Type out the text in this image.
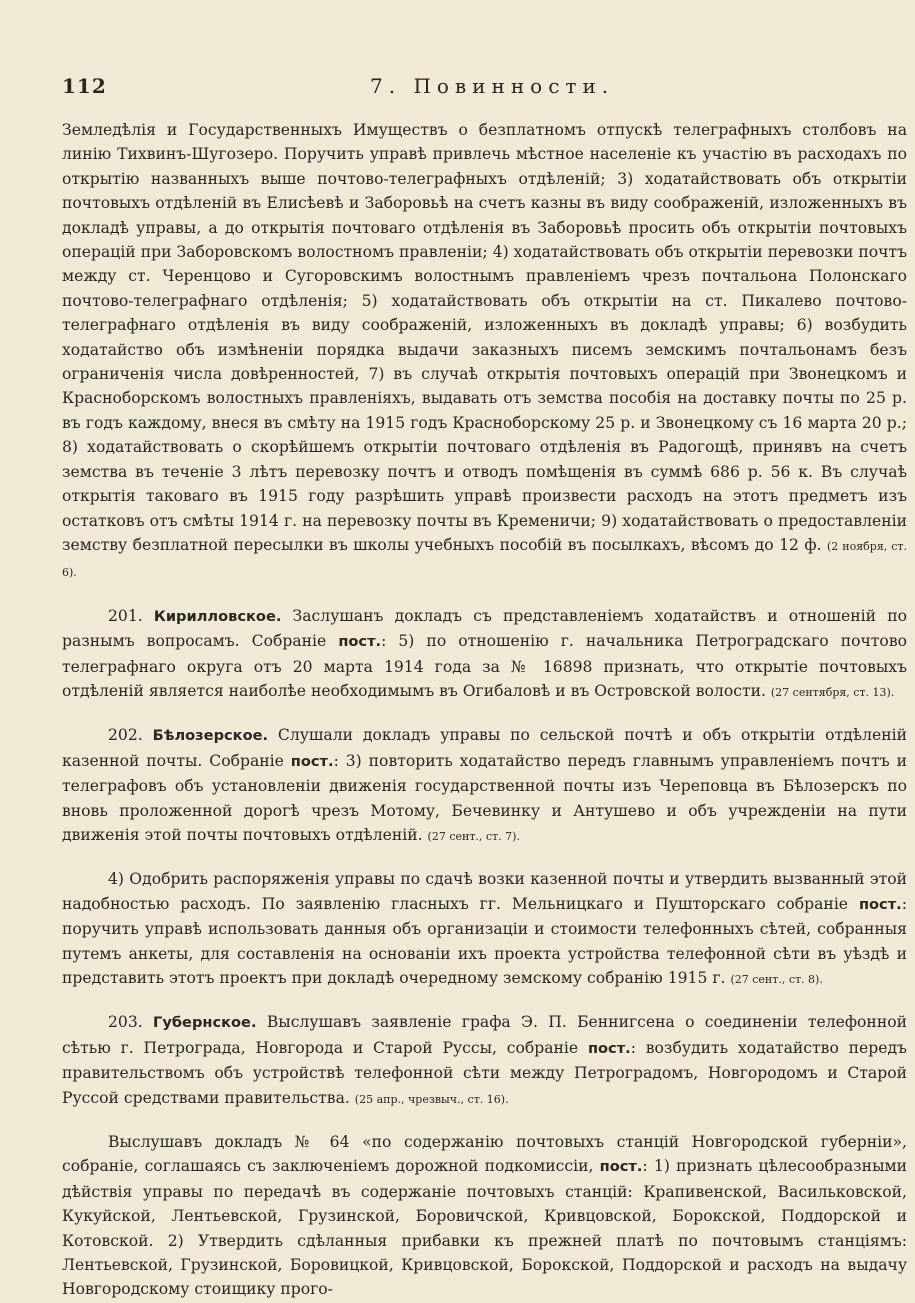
112	7. Повинности.

Земледѣлія и Государственныхъ Имуществъ о безплатномъ отпускѣ телеграфныхъ столбовъ на линію Тихвинъ-Шугозеро. Поручить управѣ привлечь мѣстное населеніе къ участію въ расходахъ по открытію названныхъ выше почтово-телеграфныхъ отдѣленій; 3) ходатайствовать объ открытіи почтовыхъ отдѣленій въ Елисѣевѣ и Заборовьѣ на счетъ казны въ виду соображеній, изложенныхъ въ докладѣ управы, а до открытія почтоваго отдѣленія въ Заборовьѣ просить объ открытіи почтовыхъ операцій при Заборовскомъ волостномъ правленіи; 4) ходатайствовать объ открытіи перевозки почтъ между ст. Черенцово и Сугоровскимъ волостнымъ правленіемъ чрезъ почтальона Полонскаго почтово-телеграфнаго отдѣленія; 5) ходатайствовать объ открытіи на ст. Пикалево почтово-телеграфнаго отдѣленія въ виду соображеній, изложенныхъ въ докладѣ управы; 6) возбудить ходатайство объ измѣненіи порядка выдачи заказныхъ писемъ земскимъ почтальонамъ безъ ограниченія числа довѣренностей, 7) въ случаѣ открытія почтовыхъ операцій при Звонецкомъ и Красноборскомъ волостныхъ правленіяхъ, выдавать отъ земства пособія на доставку почты по 25 р. въ годъ каждому, внеся въ смѣту на 1915 годъ Красноборскому 25 р. и Звонецкому съ 16 марта 20 р.; 8) ходатайствовать о скорѣйшемъ открытіи почтоваго отдѣленія въ Радогощѣ, принявъ на счетъ земства въ теченіе 3 лѣтъ перевозку почтъ и отводъ помѣщенія въ суммѣ 686 р. 56 к. Въ случаѣ открытія таковаго въ 1915 году разрѣшить управѣ произвести расходъ на этотъ предметъ изъ остатковъ отъ смѣты 1914 г. на перевозку почты въ Кременичи; 9) ходатайствовать о предоставленіи земству безплатной пересылки въ школы учебныхъ пособій въ посылкахъ, вѣсомъ до 12 ф. (2 ноября, ст. 6).

201. Кирилловское. Заслушанъ докладъ съ представленіемъ ходатайствъ и отношеній по разнымъ вопросамъ. Собраніе пост.: 5) по отношенію г. начальника Петроградскаго почтово телеграфнаго округа отъ 20 марта 1914 года за № 16898 признать, что открытіе почтовыхъ отдѣленій является наиболѣе необходимымъ въ Огибаловѣ и въ Островской волости. (27 сентября, ст. 13).

202. Бѣлозерское. Слушали докладъ управы по сельской почтѣ и объ открытіи отдѣленій казенной почты. Собраніе пост.: 3) повторить ходатайство передъ главнымъ управленіемъ почтъ и телеграфовъ объ установленіи движенія государственной почты изъ Череповца въ Бѣлозерскъ по вновь проложенной дорогѣ чрезъ Мотому, Бечевинку и Антушево и объ учрежденіи на пути движенія этой почты почтовыхъ отдѣленій. (27 сент., ст. 7).

4) Одобрить распоряженія управы по сдачѣ возки казенной почты и утвердить вызванный этой надобностью расходъ. По заявленію гласныхъ гг. Мельницкаго и Пушторскаго собраніе пост.: поручить управѣ использовать данныя объ организаціи и стоимости телефонныхъ сѣтей, собранныя путемъ анкеты, для составленія на основаніи ихъ проекта устройства телефонной сѣти въ уѣздѣ и представить этотъ проектъ при докладѣ очередному земскому собранію 1915 г. (27 сент., ст. 8).

203. Губернское. Выслушавъ заявленіе графа Э. П. Беннигсена о соединеніи телефонной сѣтью г. Петрограда, Новгорода и Старой Руссы, собраніе пост.: возбудить ходатайство передъ правительствомъ объ устройствѣ телефонной сѣти между Петроградомъ, Новгородомъ и Старой Руссой средствами правительства. (25 апр., чрезвыч., ст. 16).

Выслушавъ докладъ № 64 «по содержанію почтовыхъ станцій Новгородской губерніи», собраніе, соглашаясь съ заключеніемъ дорожной подкомиссіи, пост.: 1) признать цѣлесообразными дѣйствія управы по передачѣ въ содержаніе почтовыхъ станцій: Крапивенской, Васильковской, Кукуйской, Лентьевской, Грузинской, Боровичской, Кривцовской, Борокской, Поддорской и Котовской. 2) Утвердить сдѣланныя прибавки къ прежней платѣ по почтовымъ станціямъ: Лентьевской, Грузинской, Боровицкой, Кривцовской, Борокской, Поддорской и расходъ на выдачу Новгородскому стоищику прого-
